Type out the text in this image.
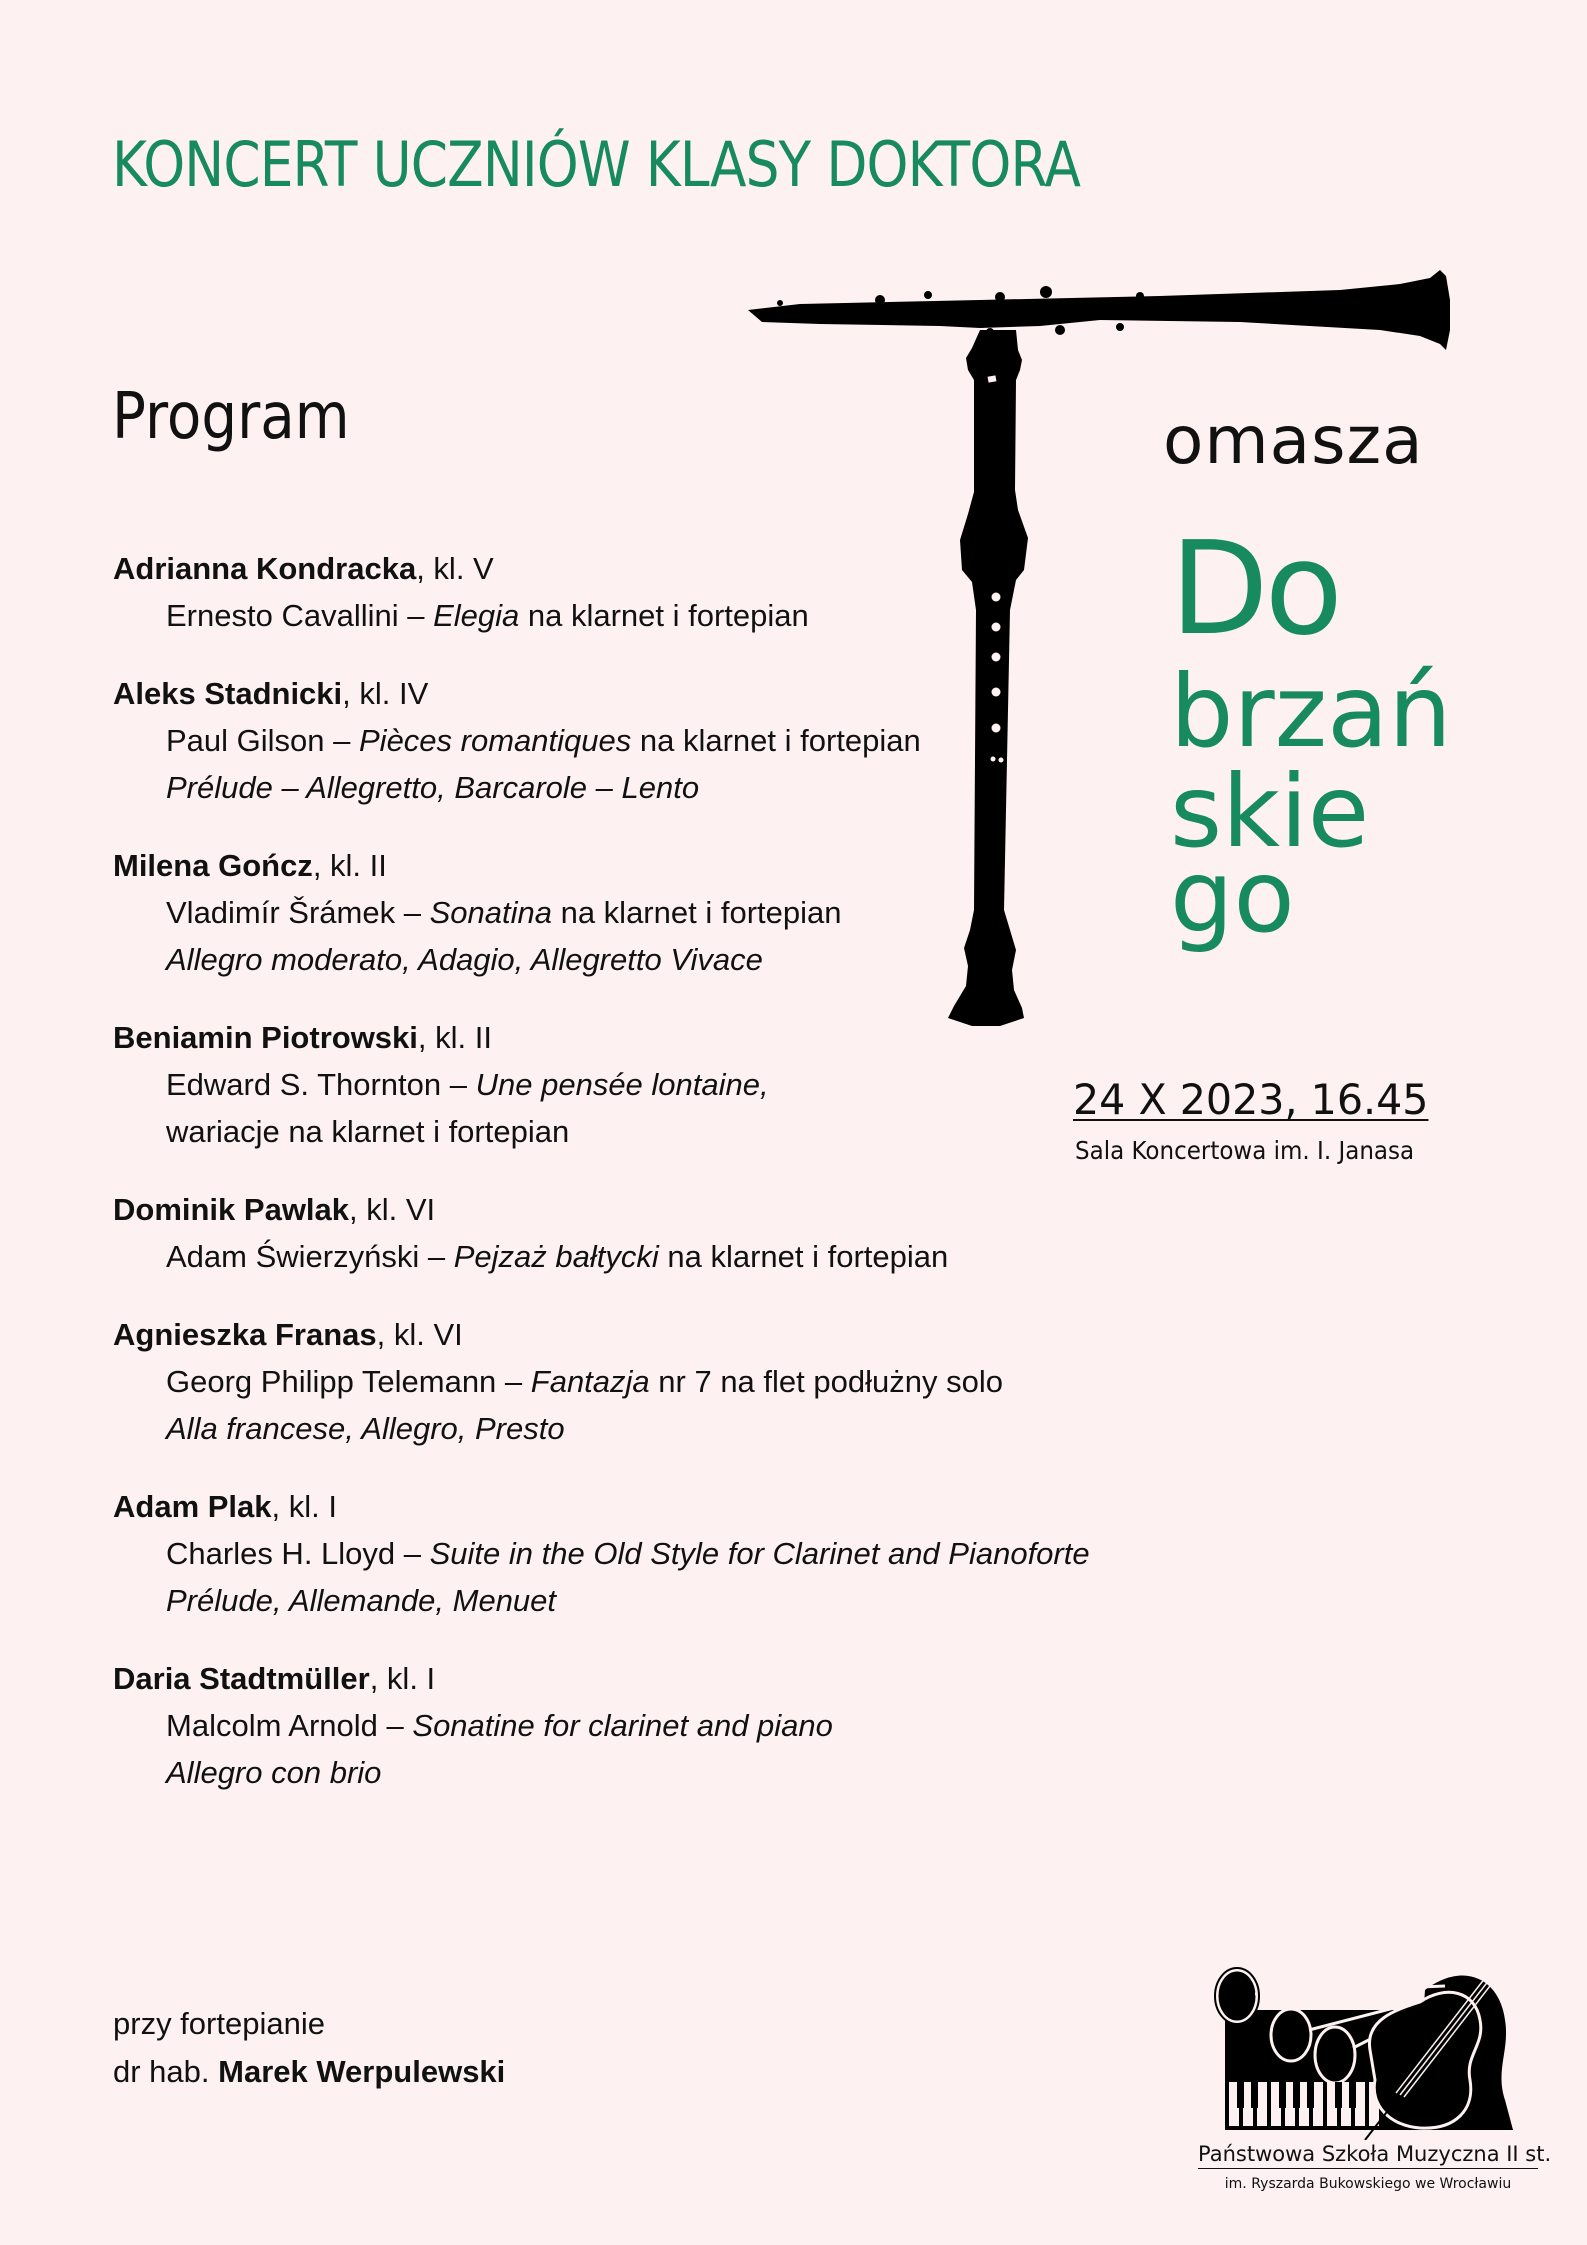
KONCERT UCZNIÓW KLASY DOKTORA
Program	omasza
Do
brzań
skie
go
24 X 2023, 16.45
Sala Koncertowa im. I. Janasa
Adrianna Kondracka, kl. V
Ernesto Cavallini – Elegia na klarnet i fortepian
Aleks Stadnicki, kl. IV
Paul Gilson – Pièces romantiques na klarnet i fortepian
Prélude – Allegretto, Barcarole – Lento
Milena Gończ, kl. II
Vladimír Šrámek – Sonatina na klarnet i fortepian
Allegro moderato, Adagio, Allegretto Vivace
Beniamin Piotrowski, kl. II
Edward S. Thornton – Une pensée lontaine,
wariacje na klarnet i fortepian
Dominik Pawlak, kl. VI
Adam Świerzyński – Pejzaż bałtycki na klarnet i fortepian
Agnieszka Franas, kl. VI
Georg Philipp Telemann – Fantazja nr 7 na flet podłużny solo
Alla francese, Allegro, Presto
Adam Plak, kl. I
Charles H. Lloyd – Suite in the Old Style for Clarinet and Pianoforte
Prélude, Allemande, Menuet
Daria Stadtmüller, kl. I
Malcolm Arnold – Sonatine for clarinet and piano
Allegro con brio
przy fortepianie
dr hab. Marek Werpulewski
Państwowa Szkoła Muzyczna II st.
im. Ryszarda Bukowskiego we Wrocławiu
